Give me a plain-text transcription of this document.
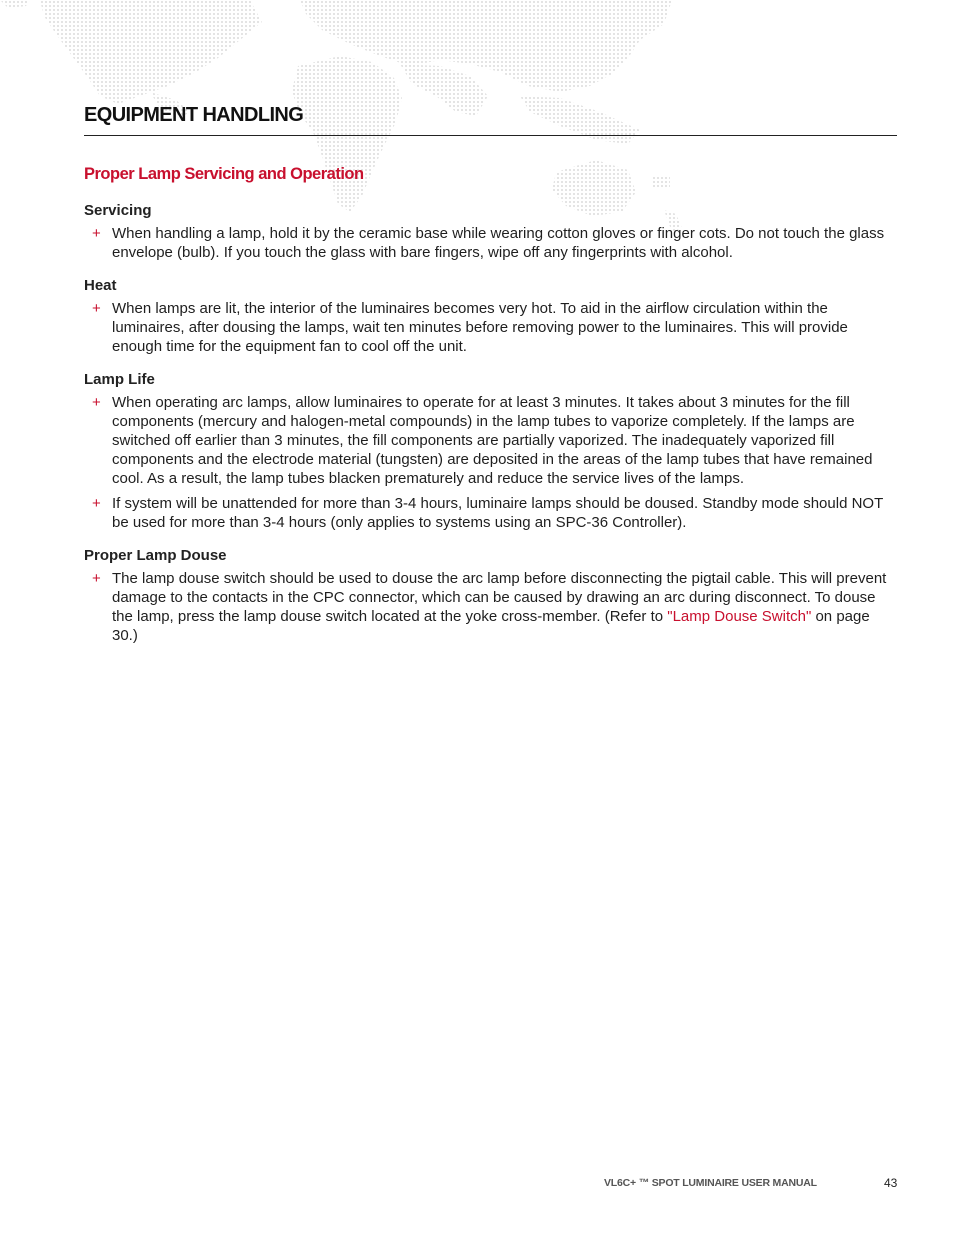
EQUIPMENT HANDLING
Proper Lamp Servicing and Operation

Servicing

+ When handling a lamp, hold it by the ceramic base while wearing cotton gloves or finger cots. Do not touch the glass envelope (bulb). If you touch the glass with bare fingers, wipe off any fingerprints with alcohol.

Heat

+ When lamps are lit, the interior of the luminaires becomes very hot. To aid in the airflow circulation within the luminaires, after dousing the lamps, wait ten minutes before removing power to the luminaires. This will provide enough time for the equipment fan to cool off the unit.

Lamp Life

+ When operating arc lamps, allow luminaires to operate for at least 3 minutes. It takes about 3 minutes for the fill components (mercury and halogen-metal compounds) in the lamp tubes to vaporize completely. If the lamps are switched off earlier than 3 minutes, the fill components are partially vaporized. The inadequately vaporized fill components and the electrode material (tungsten) are deposited in the areas of the lamp tubes that have remained cool. As a result, the lamp tubes blacken prematurely and reduce the service lives of the lamps.
+ If system will be unattended for more than 3-4 hours, luminaire lamps should be doused. Standby mode should NOT be used for more than 3-4 hours (only applies to systems using an SPC-36 Controller).

Proper Lamp Douse

+ The lamp douse switch should be used to douse the arc lamp before disconnecting the pigtail cable. This will prevent damage to the contacts in the CPC connector, which can be caused by drawing an arc during disconnect. To douse the lamp, press the lamp douse switch located at the yoke cross-member. (Refer to "Lamp Douse Switch" on page 30.)
VL6C+ ™ SPOT LUMINAIRE USER MANUAL	43
